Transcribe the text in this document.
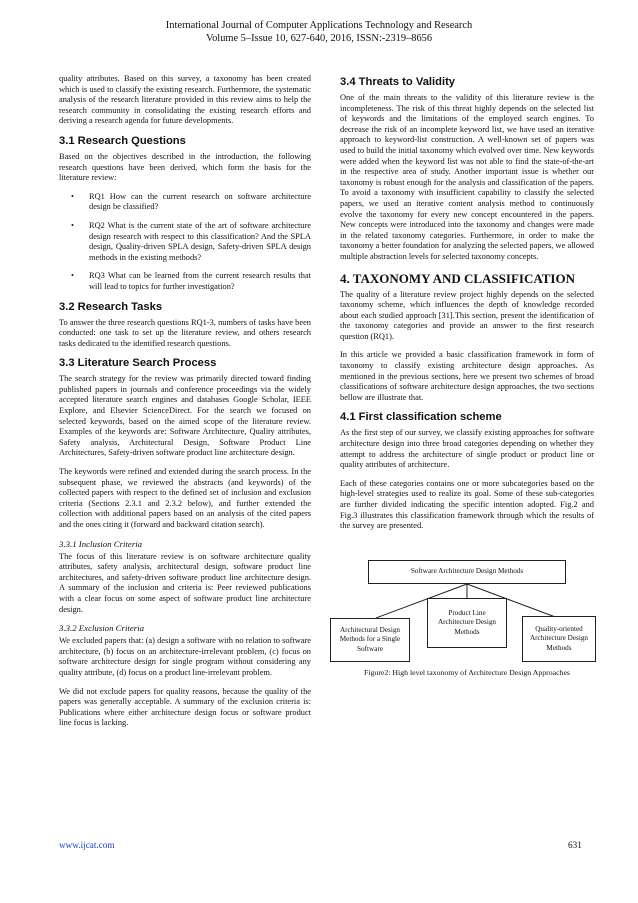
International Journal of Computer Applications Technology and Research
Volume 5–Issue 10, 627-640, 2016, ISSN:-2319–8656

quality attributes. Based on this survey, a taxonomy has been created which is used to classify the existing research. Furthermore, the systematic analysis of the research literature provided in this review aims to help the research community in consolidating the existing research efforts and deriving a research agenda for future developments.

3.1 Research Questions

Based on the objectives described in the introduction, the following research questions have been derived, which form the basis for the literature review:

• RQ1 How can the current research on software architecture design be classified?
• RQ2 What is the current state of the art of software architecture design research with respect to this classification? And the SPLA design, Quality-driven SPLA design, Safety-driven SPLA design methods in the existing methods?
• RQ3 What can be learned from the current research results that will lead to topics for further investigation?
3.2 Research Tasks

To answer the three research questions RQ1-3, numbers of tasks have been conducted: one task to set up the literature review, and others research tasks dedicated to the identified research questions.

3.3 Literature Search Process

The search strategy for the review was primarily directed toward finding published papers in journals and conference proceedings via the widely accepted literature search engines and databases Google Scholar, IEEE Explore, and Elsevier ScienceDirect. For the search we focused on selected keywords, based on the aimed scope of the literature review. Examples of the keywords are: Software Architecture, Quality attributes, Safety analysis, Architectural Design, Software Product Line Architectures, Safety-driven software product line architecture design.

The keywords were refined and extended during the search process. In the subsequent phase, we reviewed the abstracts (and keywords) of the collected papers with respect to the defined set of inclusion and exclusion criteria (Sections 2.3.1 and 2.3.2 below), and further extended the collection with additional papers based on an analysis of the cited papers and the ones citing it (forward and backward citation search).

3.3.1 Inclusion Criteria

The focus of this literature review is on software architecture quality attributes, safety analysis, architectural design, software product line architectures, and safety-driven software product line architecture design. A summary of the inclusion and criteria is: Peer reviewed publications with a clear focus on some aspect of software product line architecture design.

3.3.2 Exclusion Criteria

We excluded papers that: (a) design a software with no relation to software architecture, (b) focus on an architecture-irrelevant problem, (c) focus on software architecture design for single program without considering any quality attribute, (d) focus on a product line-irrelevant problem.

We did not exclude papers for quality reasons, because the quality of the papers was generally acceptable. A summary of the exclusion criteria is: Publications where either architecture design focus or software product line focus is lacking.

3.4 Threats to Validity

One of the main threats to the validity of this literature review is the incompleteness. The risk of this threat highly depends on the selected list of keywords and the limitations of the employed search engines. To decrease the risk of an incomplete keyword list, we have used an iterative approach to keyword-list construction. A well-known set of papers was used to build the initial taxonomy which evolved over time. New keywords were added when the keyword list was not able to find the state-of-the-art in the respective area of study. Another important issue is whether our taxonomy is robust enough for the analysis and classification of the papers. To avoid a taxonomy with insufficient capability to classify the selected papers, we used an iterative content analysis method to continuously evolve the taxonomy for every new concept encountered in the papers. New concepts were introduced into the taxonomy and changes were made in the related taxonomy categories. Furthermore, in order to make the taxonomy a better foundation for analyzing the selected papers, we allowed multiple abstraction levels for selected taxonomy concepts.

4. TAXONOMY AND CLASSIFICATION

The quality of a literature review project highly depends on the selected taxonomy scheme, which influences the depth of knowledge recorded about each studied approach [31].This section, present the identification of the taxonomy categories and provide an answer to the first research question (RQ1).

In this article we provided a basic classification framework in form of taxonomy to classify existing architecture design approaches. As mentioned in the previous sections, here we present two schemes of broad classifications of software architecture design approaches, the two sections bellow are illustrate that.

4.1 First classification scheme

As the first step of our survey, we classify existing approaches for software architecture design into three broad categories depending on whether they attempt to address the architecture of single product or product line or quality attributes of architecture.

Each of these categories contains one or more subcategories based on the high-level strategies used to realize its goal. Some of these sub-categories are further divided indicating the specific intention adopted. Fig.2 and Fig.3 illustrates this classification framework through which the results of the survey are presented.

Software Architecture Design Methods
Architectural Design Methods for a Single Software
Product Line Architecture Design Methods	Quality-oriented Architecture Design Methods
Figure2: High level taxonomy of Architecture Design Approaches
www.ijcat.com	631
